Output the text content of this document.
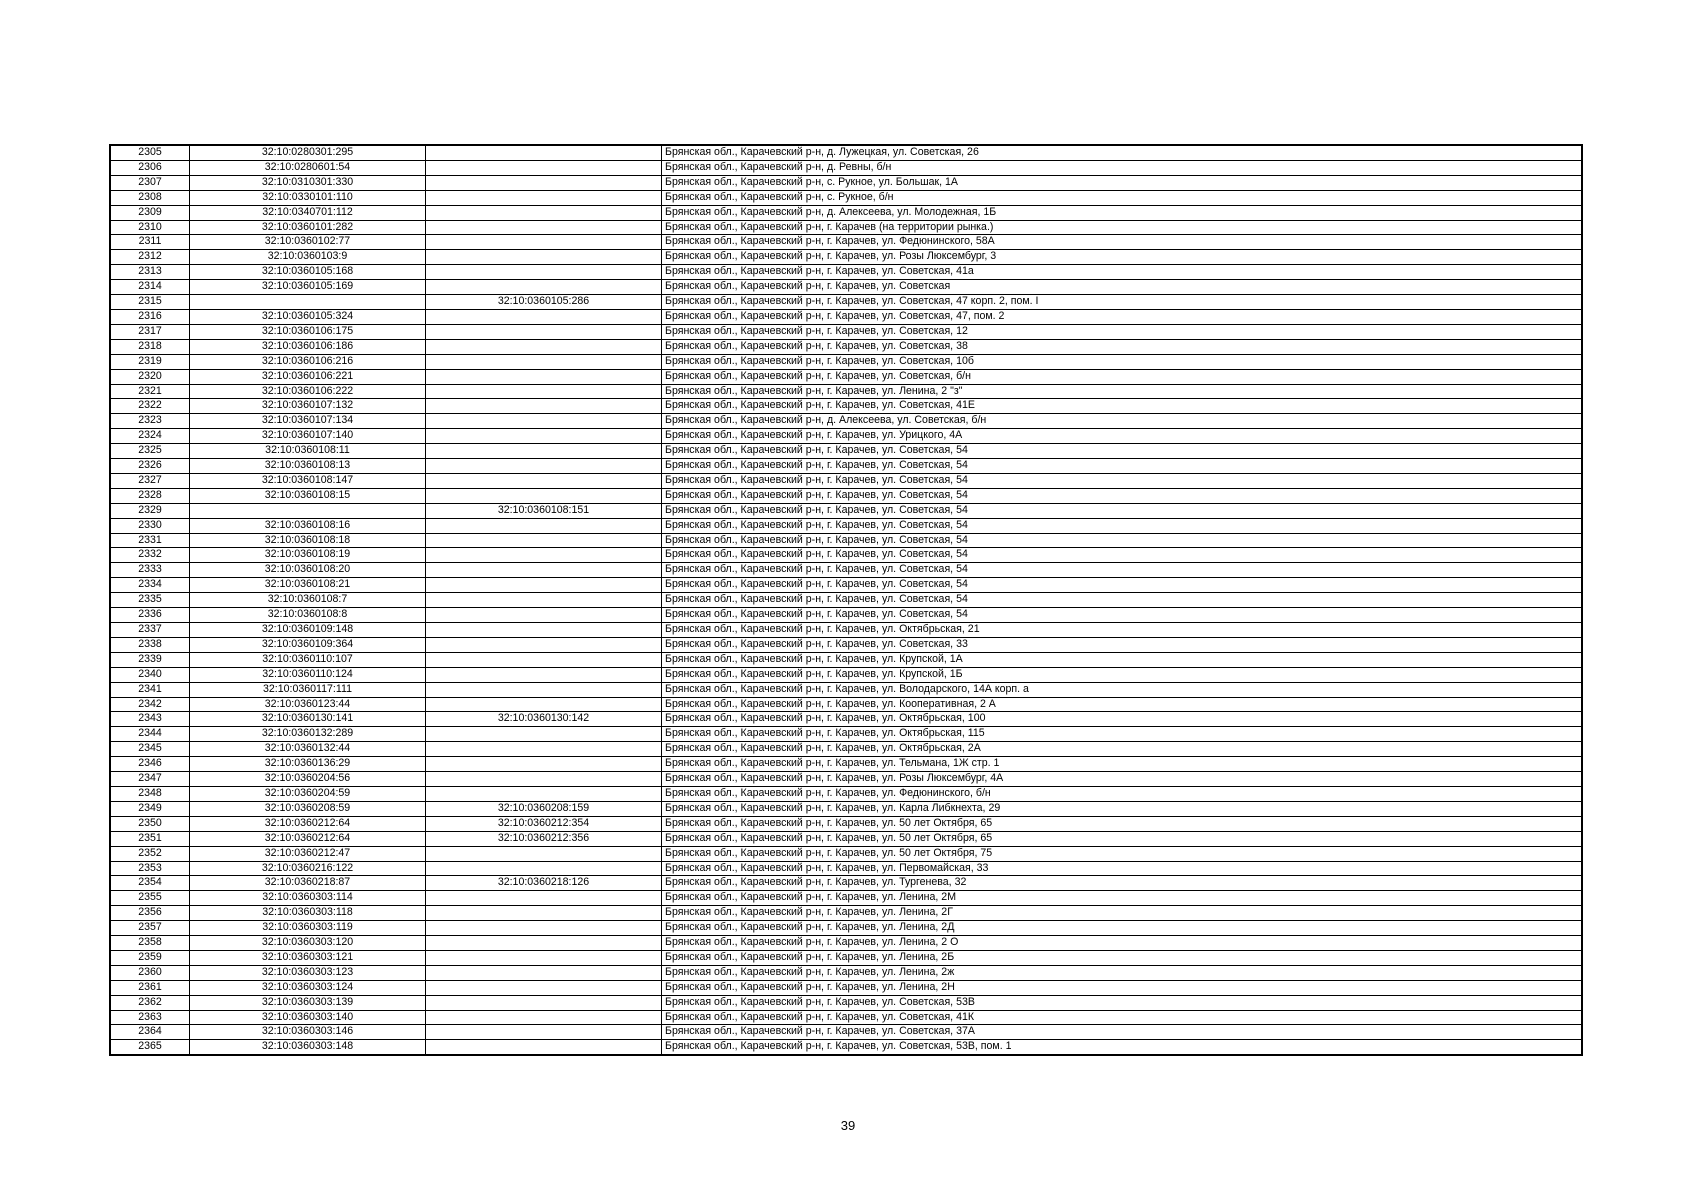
2305	32:10:0280301:295		Брянская обл., Карачевский р-н, д. Лужецкая, ул. Советская, 26
2306	32:10:0280601:54		Брянская обл., Карачевский р-н, д. Ревны, б/н
2307	32:10:0310301:330		Брянская обл., Карачевский р-н, с. Рукное, ул. Большак, 1А
2308	32:10:0330101:110		Брянская обл., Карачевский р-н, с. Рукное, б/н
2309	32:10:0340701:112		Брянская обл., Карачевский р-н, д. Алексеева, ул. Молодежная, 1Б
2310	32:10:0360101:282		Брянская обл., Карачевский р-н, г. Карачев (на территории рынка.)
2311	32:10:0360102:77		Брянская обл., Карачевский р-н, г. Карачев, ул. Федюнинского, 58А
2312	32:10:0360103:9		Брянская обл., Карачевский р-н, г. Карачев, ул. Розы Люксембург, 3
2313	32:10:0360105:168		Брянская обл., Карачевский р-н, г. Карачев, ул. Советская, 41а
2314	32:10:0360105:169		Брянская обл., Карачевский р-н, г. Карачев, ул. Советская
2315		32:10:0360105:286	Брянская обл., Карачевский р-н, г. Карачев, ул. Советская, 47 корп. 2, пом. I
2316	32:10:0360105:324		Брянская обл., Карачевский р-н, г. Карачев, ул. Советская, 47, пом. 2
2317	32:10:0360106:175		Брянская обл., Карачевский р-н, г. Карачев, ул. Советская, 12
2318	32:10:0360106:186		Брянская обл., Карачевский р-н, г. Карачев, ул. Советская, 38
2319	32:10:0360106:216		Брянская обл., Карачевский р-н, г. Карачев, ул. Советская, 10б
2320	32:10:0360106:221		Брянская обл., Карачевский р-н, г. Карачев, ул. Советская, б/н
2321	32:10:0360106:222		Брянская обл., Карачевский р-н, г. Карачев, ул. Ленина, 2 "з"
2322	32:10:0360107:132		Брянская обл., Карачевский р-н, г. Карачев, ул. Советская, 41Е
2323	32:10:0360107:134		Брянская обл., Карачевский р-н, д. Алексеева, ул. Советская, б/н
2324	32:10:0360107:140		Брянская обл., Карачевский р-н, г. Карачев, ул. Урицкого, 4А
2325	32:10:0360108:11		Брянская обл., Карачевский р-н, г. Карачев, ул. Советская, 54
2326	32:10:0360108:13		Брянская обл., Карачевский р-н, г. Карачев, ул. Советская, 54
2327	32:10:0360108:147		Брянская обл., Карачевский р-н, г. Карачев, ул. Советская, 54
2328	32:10:0360108:15		Брянская обл., Карачевский р-н, г. Карачев, ул. Советская, 54
2329		32:10:0360108:151	Брянская обл., Карачевский р-н, г. Карачев, ул. Советская, 54
2330	32:10:0360108:16		Брянская обл., Карачевский р-н, г. Карачев, ул. Советская, 54
2331	32:10:0360108:18		Брянская обл., Карачевский р-н, г. Карачев, ул. Советская, 54
2332	32:10:0360108:19		Брянская обл., Карачевский р-н, г. Карачев, ул. Советская, 54
2333	32:10:0360108:20		Брянская обл., Карачевский р-н, г. Карачев, ул. Советская, 54
2334	32:10:0360108:21		Брянская обл., Карачевский р-н, г. Карачев, ул. Советская, 54
2335	32:10:0360108:7		Брянская обл., Карачевский р-н, г. Карачев, ул. Советская, 54
2336	32:10:0360108:8		Брянская обл., Карачевский р-н, г. Карачев, ул. Советская, 54
2337	32:10:0360109:148		Брянская обл., Карачевский р-н, г. Карачев, ул. Октябрьская, 21
2338	32:10:0360109:364		Брянская обл., Карачевский р-н, г. Карачев, ул. Советская, 33
2339	32:10:0360110:107		Брянская обл., Карачевский р-н, г. Карачев, ул. Крупской, 1А
2340	32:10:0360110:124		Брянская обл., Карачевский р-н, г. Карачев, ул. Крупской, 1Б
2341	32:10:0360117:111		Брянская обл., Карачевский р-н, г. Карачев, ул. Володарского, 14А корп. а
2342	32:10:0360123:44		Брянская обл., Карачевский р-н, г. Карачев, ул. Кооперативная, 2 А
2343	32:10:0360130:141	32:10:0360130:142	Брянская обл., Карачевский р-н, г. Карачев, ул. Октябрьская, 100
2344	32:10:0360132:289		Брянская обл., Карачевский р-н, г. Карачев, ул. Октябрьская, 115
2345	32:10:0360132:44		Брянская обл., Карачевский р-н, г. Карачев, ул. Октябрьская, 2А
2346	32:10:0360136:29		Брянская обл., Карачевский р-н, г. Карачев, ул. Тельмана, 1Ж стр. 1
2347	32:10:0360204:56		Брянская обл., Карачевский р-н, г. Карачев, ул. Розы Люксембург, 4А
2348	32:10:0360204:59		Брянская обл., Карачевский р-н, г. Карачев, ул. Федюнинского, б/н
2349	32:10:0360208:59	32:10:0360208:159	Брянская обл., Карачевский р-н, г. Карачев, ул. Карла Либкнехта, 29
2350	32:10:0360212:64	32:10:0360212:354	Брянская обл., Карачевский р-н, г. Карачев, ул. 50 лет Октября, 65
2351	32:10:0360212:64	32:10:0360212:356	Брянская обл., Карачевский р-н, г. Карачев, ул. 50 лет Октября, 65
2352	32:10:0360212:47		Брянская обл., Карачевский р-н, г. Карачев, ул. 50 лет Октября, 75
2353	32:10:0360216:122		Брянская обл., Карачевский р-н, г. Карачев, ул. Первомайская, 33
2354	32:10:0360218:87	32:10:0360218:126	Брянская обл., Карачевский р-н, г. Карачев, ул. Тургенева, 32
2355	32:10:0360303:114		Брянская обл., Карачевский р-н, г. Карачев, ул. Ленина, 2М
2356	32:10:0360303:118		Брянская обл., Карачевский р-н, г. Карачев, ул. Ленина, 2Г
2357	32:10:0360303:119		Брянская обл., Карачевский р-н, г. Карачев, ул. Ленина, 2Д
2358	32:10:0360303:120		Брянская обл., Карачевский р-н, г. Карачев, ул. Ленина, 2 О
2359	32:10:0360303:121		Брянская обл., Карачевский р-н, г. Карачев, ул. Ленина, 2Б
2360	32:10:0360303:123		Брянская обл., Карачевский р-н, г. Карачев, ул. Ленина, 2ж
2361	32:10:0360303:124		Брянская обл., Карачевский р-н, г. Карачев, ул. Ленина, 2Н
2362	32:10:0360303:139		Брянская обл., Карачевский р-н, г. Карачев, ул. Советская, 53В
2363	32:10:0360303:140		Брянская обл., Карачевский р-н, г. Карачев, ул. Советская, 41К
2364	32:10:0360303:146		Брянская обл., Карачевский р-н, г. Карачев, ул. Советская, 37А
2365	32:10:0360303:148		Брянская обл., Карачевский р-н, г. Карачев, ул. Советская, 53В, пом. 1
39
